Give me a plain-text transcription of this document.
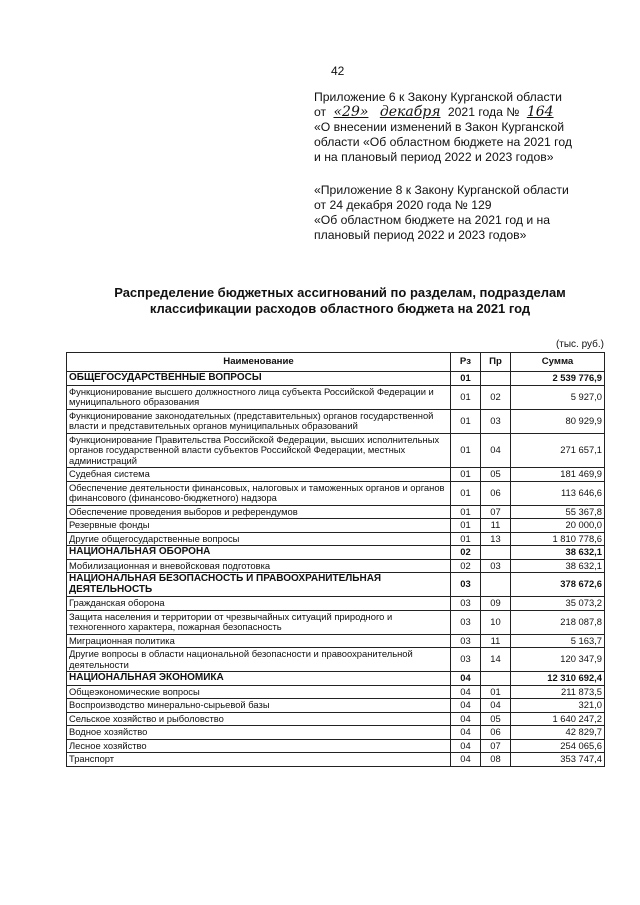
42
Приложение 6 к Закону Курганской области
от «29» декабря 2021 года № 164
«О внесении изменений в Закон Курганской
области «Об областном бюджете на 2021 год
и на плановый период 2022 и 2023 годов»
«Приложение 8 к Закону Курганской области
от 24 декабря 2020 года № 129
«Об областном бюджете на 2021 год и на
плановый период 2022 и 2023 годов»
Распределение бюджетных ассигнований по разделам, подразделам
классификации расходов областного бюджета на 2021 год
(тыс. руб.)
Наименование	Рз	Пр	Сумма
ОБЩЕГОСУДАРСТВЕННЫЕ ВОПРОСЫ	01		2 539 776,9
Функционирование высшего должностного лица субъекта Российской Федерации и муниципального образования	01	02	5 927,0
Функционирование законодательных (представительных) органов государственной власти и представительных органов муниципальных образований	01	03	80 929,9
Функционирование Правительства Российской Федерации, высших исполнительных органов государственной власти субъектов Российской Федерации, местных администраций	01	04	271 657,1
Судебная система	01	05	181 469,9
Обеспечение деятельности финансовых, налоговых и таможенных органов и органов финансового (финансово-бюджетного) надзора	01	06	113 646,6
Обеспечение проведения выборов и референдумов	01	07	55 367,8
Резервные фонды	01	11	20 000,0
Другие общегосударственные вопросы	01	13	1 810 778,6
НАЦИОНАЛЬНАЯ ОБОРОНА	02		38 632,1
Мобилизационная и вневойсковая подготовка	02	03	38 632,1
НАЦИОНАЛЬНАЯ БЕЗОПАСНОСТЬ И ПРАВООХРАНИТЕЛЬНАЯ ДЕЯТЕЛЬНОСТЬ	03		378 672,6
Гражданская оборона	03	09	35 073,2
Защита населения и территории от чрезвычайных ситуаций природного и техногенного характера, пожарная безопасность	03	10	218 087,8
Миграционная политика	03	11	5 163,7
Другие вопросы в области национальной безопасности и правоохранительной деятельности	03	14	120 347,9
НАЦИОНАЛЬНАЯ ЭКОНОМИКА	04		12 310 692,4
Общеэкономические вопросы	04	01	211 873,5
Воспроизводство минерально-сырьевой базы	04	04	321,0
Сельское хозяйство и рыболовство	04	05	1 640 247,2
Водное хозяйство	04	06	42 829,7
Лесное хозяйство	04	07	254 065,6
Транспорт	04	08	353 747,4
